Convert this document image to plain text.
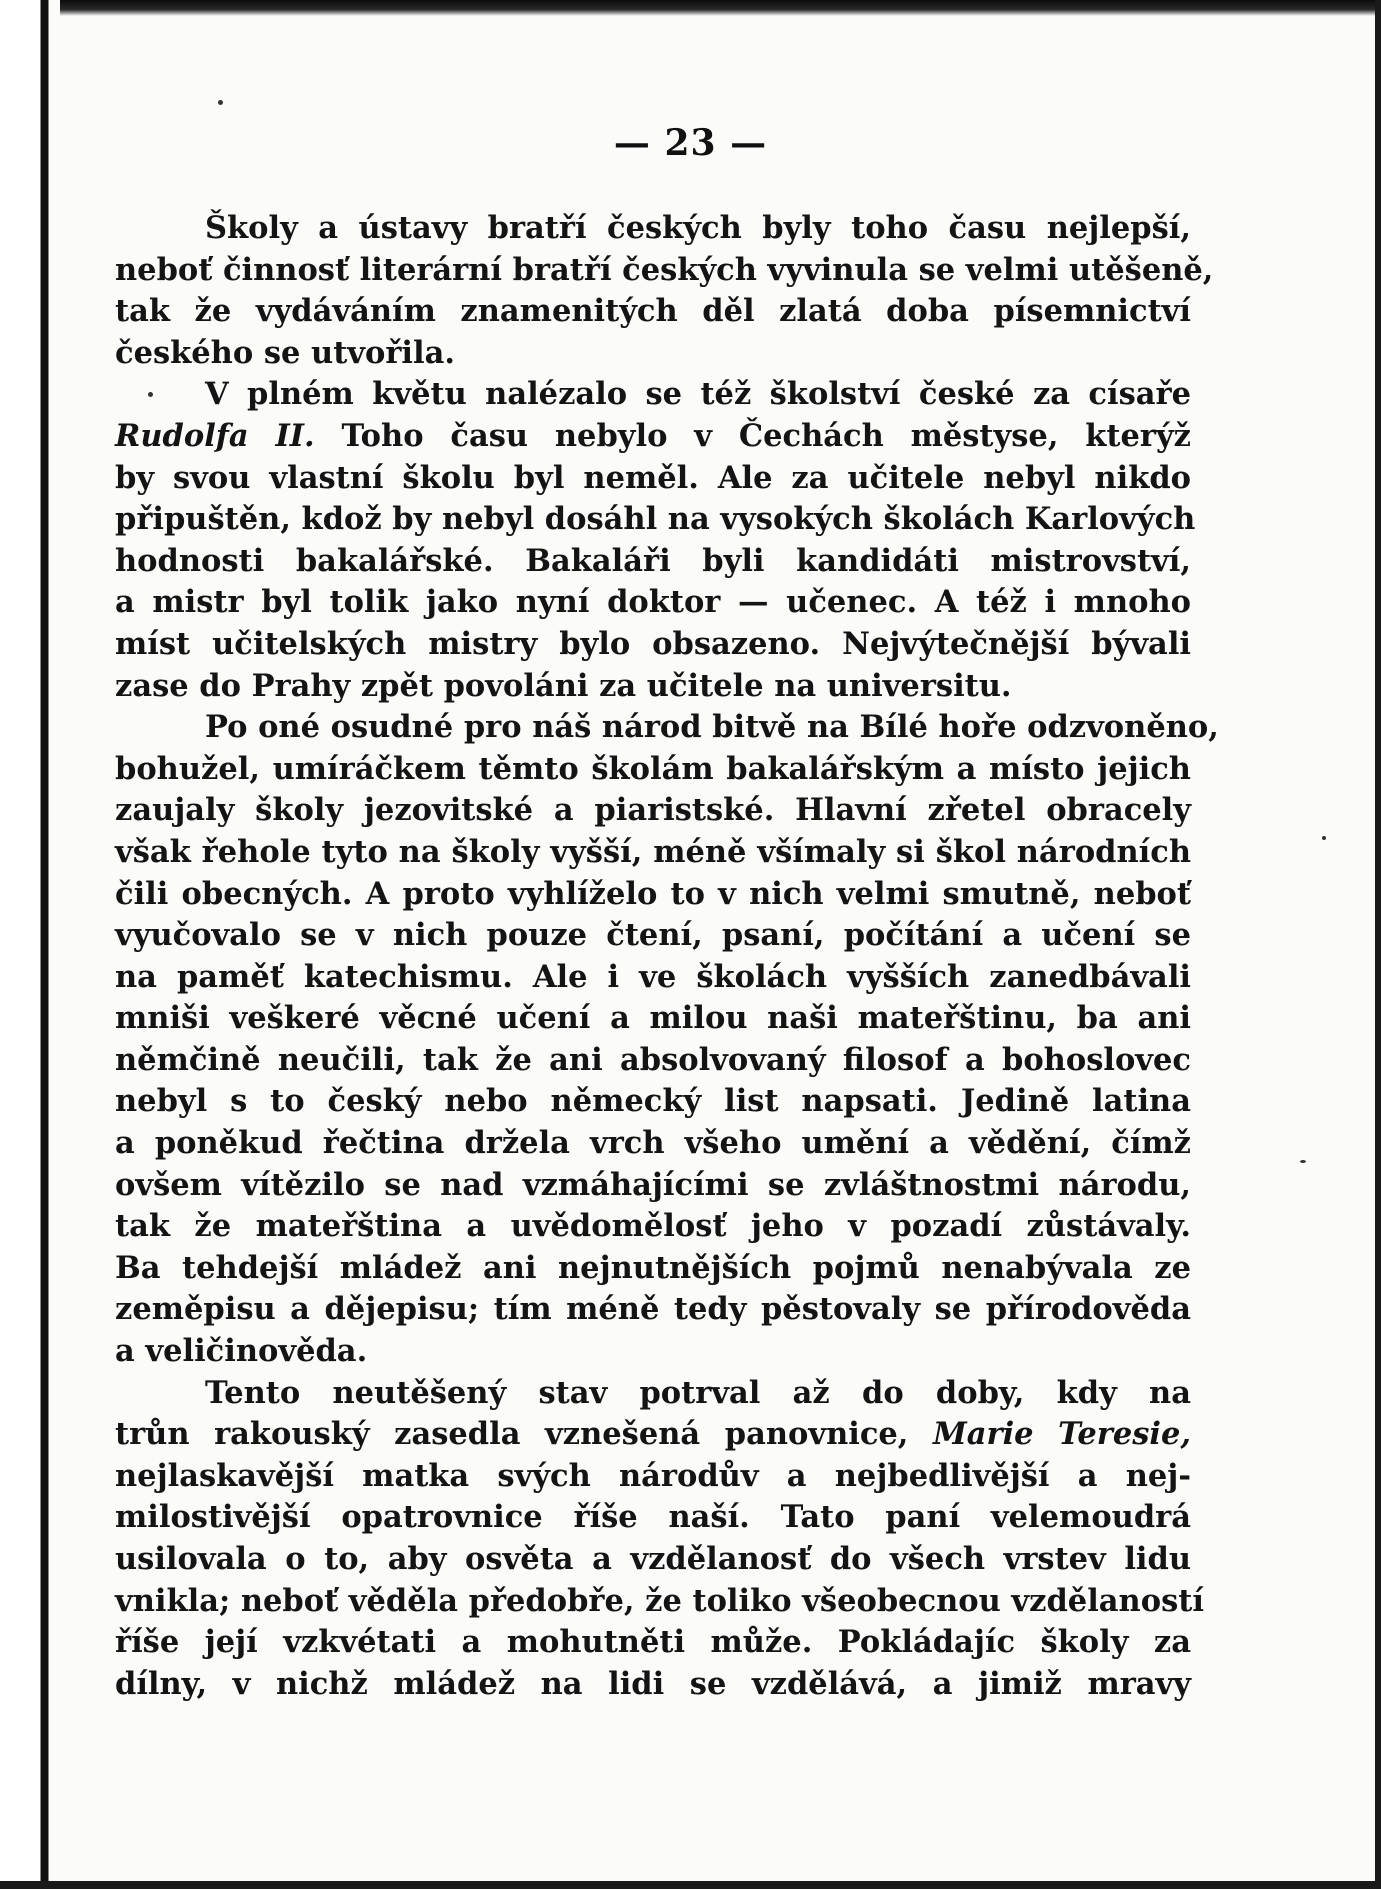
— 23 —
Školy a ústavy bratří českých byly toho času nejlepší,
neboť činnosť literární bratří českých vyvinula se velmi utěšeně,
tak že vydáváním znamenitých děl zlatá doba písemnictví
českého se utvořila.
V plném květu nalézalo se též školství české za císaře
Rudolfa II. Toho času nebylo v Čechách městyse, kterýž
by svou vlastní školu byl neměl. Ale za učitele nebyl nikdo
připuštěn, kdož by nebyl dosáhl na vysokých školách Karlových
hodnosti bakalářské. Bakaláři byli kandidáti mistrovství,
a mistr byl tolik jako nyní doktor — učenec. A též i mnoho
míst učitelských mistry bylo obsazeno. Nejvýtečnější bývali
zase do Prahy zpět povoláni za učitele na universitu.
Po oné osudné pro náš národ bitvě na Bílé hoře odzvoněno,
bohužel, umíráčkem těmto školám bakalářským a místo jejich
zaujaly školy jezovitské a piaristské. Hlavní zřetel obracely
však řehole tyto na školy vyšší, méně všímaly si škol národních
čili obecných. A proto vyhlíželo to v nich velmi smutně, neboť
vyučovalo se v nich pouze čtení, psaní, počítání a učení se
na paměť katechismu. Ale i ve školách vyšších zanedbávali
mniši veškeré věcné učení a milou naši mateřštinu, ba ani
němčině neučili, tak že ani absolvovaný filosof a bohoslovec
nebyl s to český nebo německý list napsati. Jedině latina
a poněkud řečtina držela vrch všeho umění a vědění, čímž
ovšem vítězilo se nad vzmáhajícími se zvláštnostmi národu,
tak že mateřština a uvědomělosť jeho v pozadí zůstávaly.
Ba tehdejší mládež ani nejnutnějších pojmů nenabývala ze
zeměpisu a dějepisu; tím méně tedy pěstovaly se přírodověda
a veličinověda.
Tento neutěšený stav potrval až do doby, kdy na
trůn rakouský zasedla vznešená panovnice, Marie Teresie,
nejlaskavější matka svých národův a nejbedlivější a nej-
milostivější opatrovnice říše naší. Tato paní velemoudrá
usilovala o to, aby osvěta a vzdělanosť do všech vrstev lidu
vnikla; neboť věděla předobře, že toliko všeobecnou vzdělaností
říše její vzkvétati a mohutněti může. Pokládajíc školy za
dílny, v nichž mládež na lidi se vzdělává, a jimiž mravy
